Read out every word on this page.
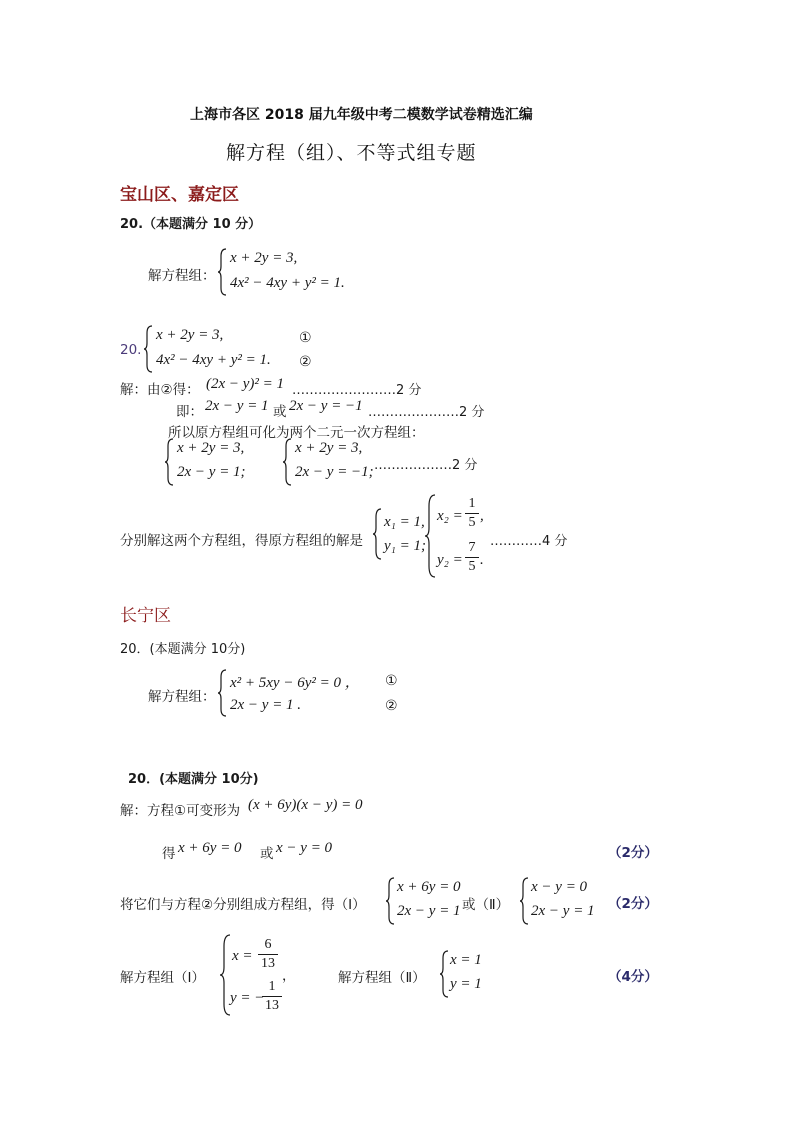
上海市各区 2018 届九年级中考二模数学试卷精选汇编
解方程（组）、不等式组专题
宝山区、嘉定区
20.（本题满分 10 分）
解方程组：
x + 2y = 3,
4x² − 4xy + y² = 1.
20.
x + 2y = 3,
4x² − 4xy + y² = 1.
①
②
解：由②得： (2x − y)² = 1 ……………………2 分
即： 2x − y = 1 或 2x − y = −1 …………………2 分
所以原方程组可化为两个二元一次方程组：
x + 2y = 3,
2x − y = 1;
x + 2y = 3,
2x − y = −1; ………………2 分
分别解这两个方程组，得原方程组的解是
x₁ = 1,
y₁ = 1;
x₂ =
1
5 ,
y₂ =
7
5 .
…………4 分
长宁区
20．(本题满分 10分)
解方程组：
x² + 5xy − 6y² = 0 ，
2x − y = 1 .
①
②
20．(本题满分 10分)
解：方程①可变形为 (x + 6y)(x − y) = 0
得 x + 6y = 0 或 x − y = 0	（2分）
将它们与方程②分别组成方程组，得（Ⅰ）
x + 6y = 0
2x − y = 1 或（Ⅱ）
x − y = 0
2x − y = 1 （2分）
解方程组（Ⅰ）
x =
6
13
，
y = −
1
13
解方程组（Ⅱ）
x = 1
y = 1	（4分）
